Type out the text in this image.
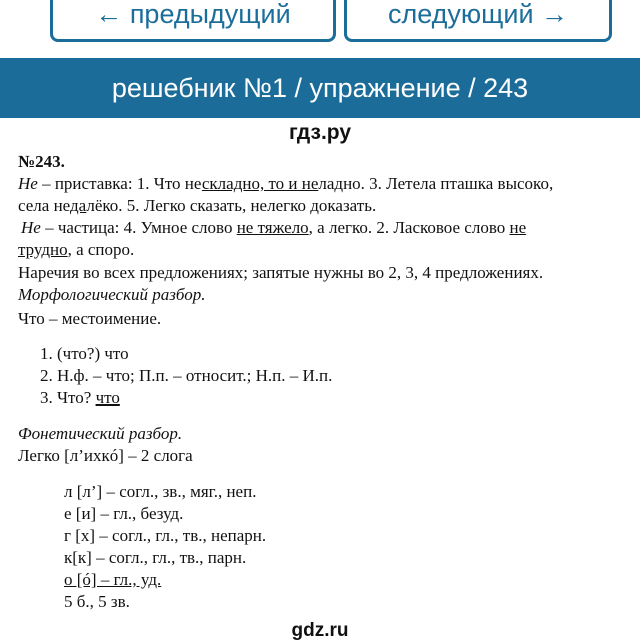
← предыдущий	следующий →
решебник №1 / упражнение / 243
гдз.ру
№243.
Не – приставка: 1. Что нескладно, то и неладно. 3. Летела пташка высоко,
села недалёко. 5. Легко сказать, нелегко доказать.
Не – частица: 4. Умное слово не тяжело, а легко. 2. Ласковое слово не
трудно, а споро.
Наречия во всех предложениях; запятые нужны во 2, 3, 4 предложениях.
Морфологический разбор.
Что – местоимение.
1. (что?) что
2. Н.ф. – что; П.п. – относит.; Н.п. – И.п.
3. Что? что
Фонетический разбор.
Легко [л’ихкó] – 2 слога
л [л’] – согл., зв., мяг., неп.
е [и] – гл., безуд.
г [х] – согл., гл., тв., непарн.
к[к] – согл., гл., тв., парн.
о [ó] – гл., уд.
5 б., 5 зв.
gdz.ru
